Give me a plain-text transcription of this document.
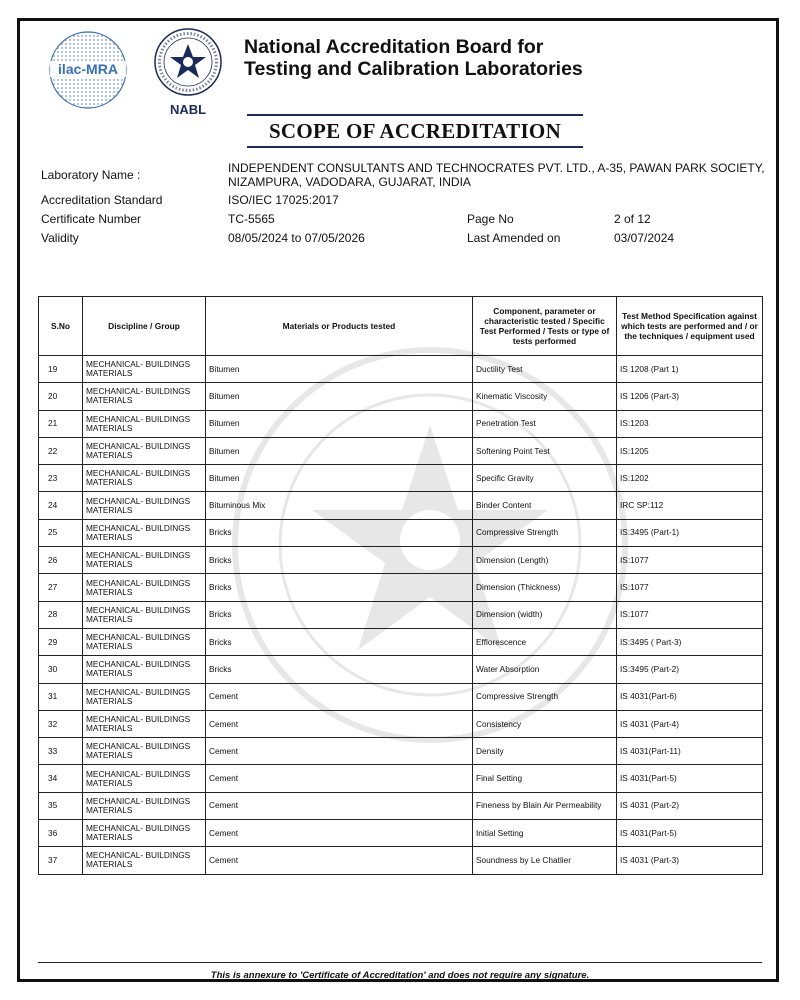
ilac-MRA
NABL
National Accreditation Board for
Testing and Calibration Laboratories
SCOPE OF ACCREDITATION
Laboratory Name :	INDEPENDENT CONSULTANTS AND TECHNOCRATES PVT. LTD., A-35, PAWAN PARK SOCIETY,
NIZAMPURA, VADODARA, GUJARAT, INDIA
Accreditation Standard	ISO/IEC 17025:2017
Certificate Number	TC-5565	Page No	2 of 12
Validity	08/05/2024 to 07/05/2026	Last Amended on	03/07/2024
S.No	Discipline / Group	Materials or Products tested	Component, parameter or characteristic tested / Specific Test Performed / Tests or type of tests performed	Test Method Specification against which tests are performed and / or the techniques / equipment used
19	MECHANICAL- BUILDINGS MATERIALS	Bitumen	Ductility Test	IS 1208 (Part 1)
20	MECHANICAL- BUILDINGS MATERIALS	Bitumen	Kinematic Viscosity	IS 1206 (Part-3)
21	MECHANICAL- BUILDINGS MATERIALS	Bitumen	Penetration Test	IS:1203
22	MECHANICAL- BUILDINGS MATERIALS	Bitumen	Softening Point Test	IS:1205
23	MECHANICAL- BUILDINGS MATERIALS	Bitumen	Specific Gravity	IS:1202
24	MECHANICAL- BUILDINGS MATERIALS	Bituminous Mix	Binder Content	IRC SP:112
25	MECHANICAL- BUILDINGS MATERIALS	Bricks	Compressive Strength	IS:3495 (Part-1)
26	MECHANICAL- BUILDINGS MATERIALS	Bricks	Dimension (Length)	IS:1077
27	MECHANICAL- BUILDINGS MATERIALS	Bricks	Dimension (Thickness)	IS:1077
28	MECHANICAL- BUILDINGS MATERIALS	Bricks	Dimension (width)	IS:1077
29	MECHANICAL- BUILDINGS MATERIALS	Bricks	Efflorescence	IS:3495 ( Part-3)
30	MECHANICAL- BUILDINGS MATERIALS	Bricks	Water Absorption	IS:3495 (Part-2)
31	MECHANICAL- BUILDINGS MATERIALS	Cement	Compressive Strength	IS 4031(Part-6)
32	MECHANICAL- BUILDINGS MATERIALS	Cement	Consistency	IS 4031 (Part-4)
33	MECHANICAL- BUILDINGS MATERIALS	Cement	Density	IS 4031(Part-11)
34	MECHANICAL- BUILDINGS MATERIALS	Cement	Final Setting	IS 4031(Part-5)
35	MECHANICAL- BUILDINGS MATERIALS	Cement	Fineness by Blain Air Permeability	IS 4031 (Part-2)
36	MECHANICAL- BUILDINGS MATERIALS	Cement	Initial Setting	IS 4031(Part-5)
37	MECHANICAL- BUILDINGS MATERIALS	Cement	Soundness by Le Chatlier	IS 4031 (Part-3)
This is annexure to 'Certificate of Accreditation' and does not require any signature.
